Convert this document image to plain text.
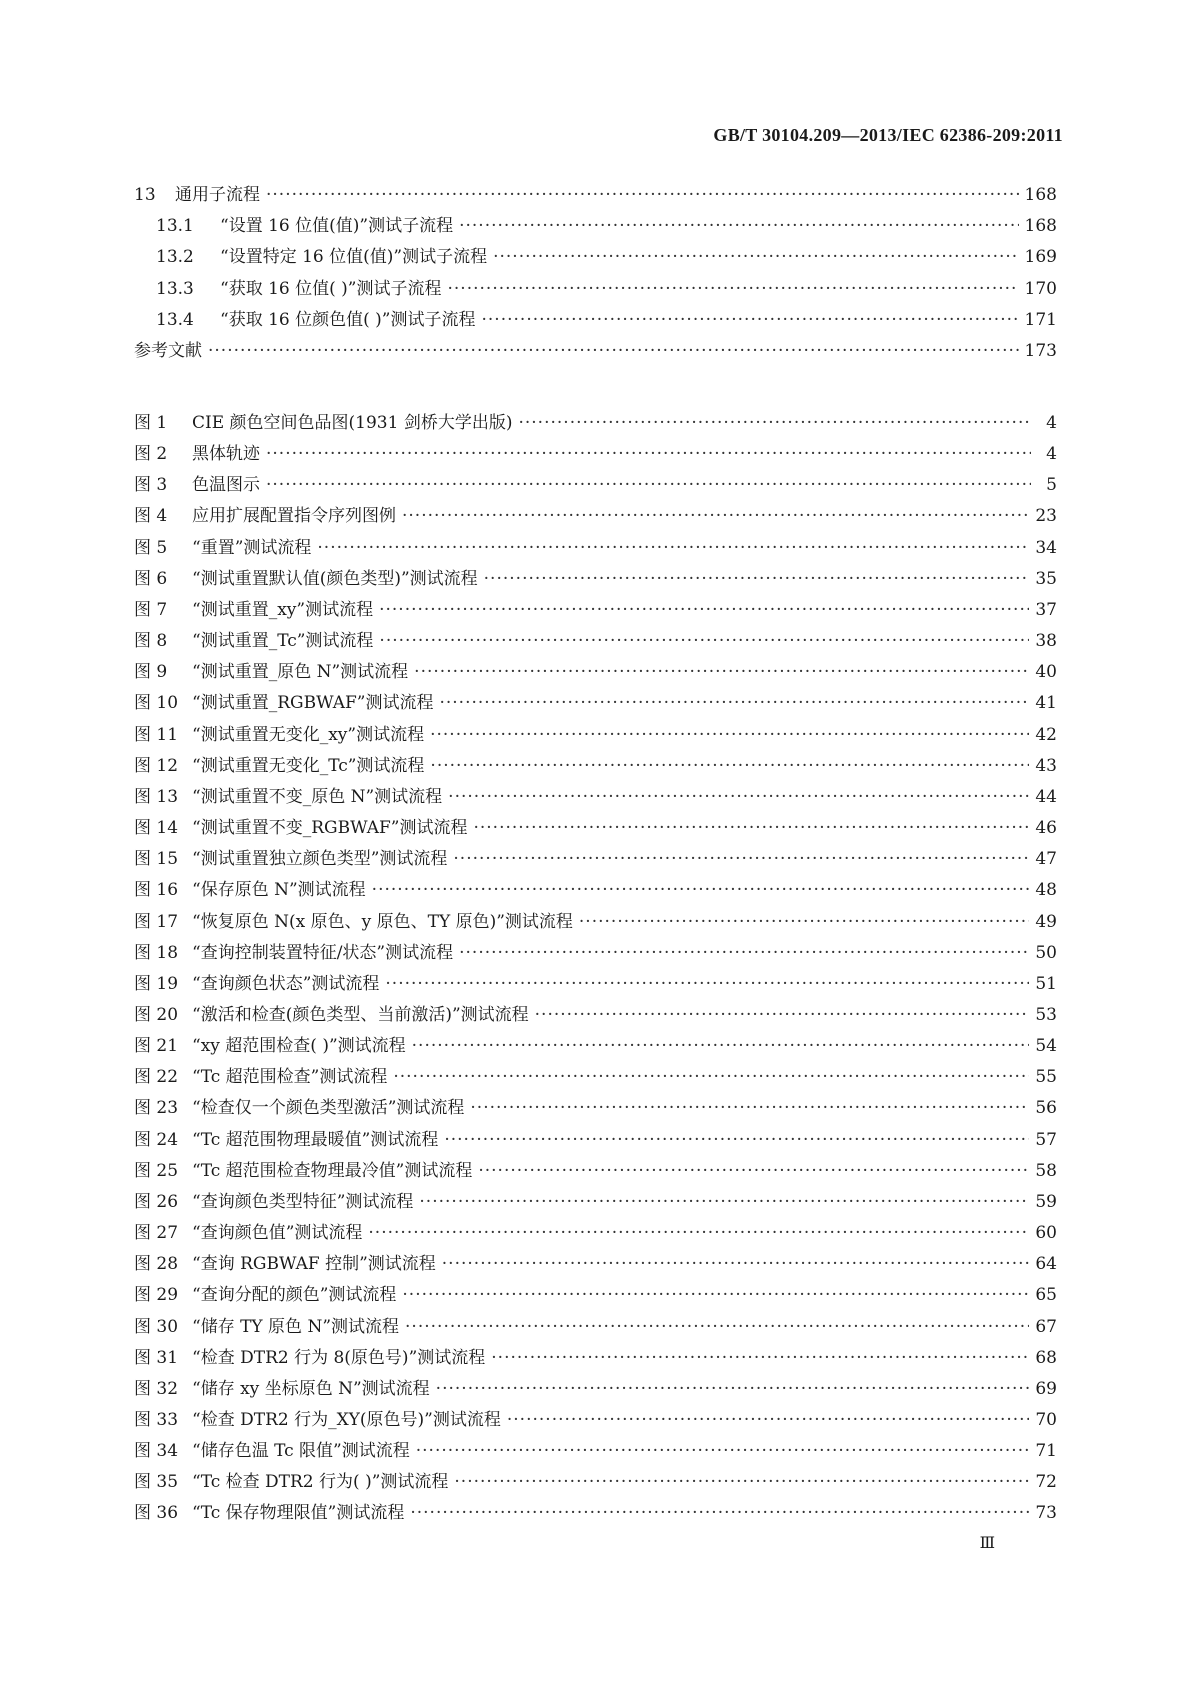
GB/T 30104.209—2013/IEC 62386-209:2011
13	通用子流程 ·····	168
13.1	“设置 16 位值(值)”测试子流程 ·····	168
13.2	“设置特定 16 位值(值)”测试子流程 ·····	169
13.3	“获取 16 位值( )”测试子流程 ·····	170
13.4	“获取 16 位颜色值( )”测试子流程 ·····	171
参考文献 ·····	173
图 1	CIE 颜色空间色品图(1931 剑桥大学出版) ·····	4
图 2	黑体轨迹 ·····	4
图 3	色温图示 ·····	5
图 4	应用扩展配置指令序列图例 ·····	23
图 5	“重置”测试流程 ·····	34
图 6	“测试重置默认值(颜色类型)”测试流程 ·····	35
图 7	“测试重置_xy”测试流程 ·····	37
图 8	“测试重置_Tc”测试流程 ·····	38
图 9	“测试重置_原色 N”测试流程 ·····	40
图 10 “测试重置_RGBWAF”测试流程 ·····	41
图 11 “测试重置无变化_xy”测试流程 ·····	42
图 12 “测试重置无变化_Tc”测试流程 ·····	43
图 13 “测试重置不变_原色 N”测试流程 ·····	44
图 14 “测试重置不变_RGBWAF”测试流程 ·····	46
图 15 “测试重置独立颜色类型”测试流程 ·····	47
图 16 “保存原色 N”测试流程 ·····	48
图 17 “恢复原色 N(x 原色、y 原色、TY 原色)”测试流程 ·····	49
图 18 “查询控制装置特征/状态”测试流程 ·····	50
图 19 “查询颜色状态”测试流程 ·····	51
图 20 “激活和检查(颜色类型、当前激活)”测试流程 ·····	53
图 21 “xy 超范围检查( )”测试流程 ·····	54
图 22 “Tc 超范围检查”测试流程 ·····	55
图 23 “检查仅一个颜色类型激活”测试流程 ·····	56
图 24 “Tc 超范围物理最暖值”测试流程 ·····	57
图 25 “Tc 超范围检查物理最冷值”测试流程 ·····	58
图 26 “查询颜色类型特征”测试流程 ·····	59
图 27 “查询颜色值”测试流程 ·····	60
图 28 “查询 RGBWAF 控制”测试流程 ·····	64
图 29 “查询分配的颜色”测试流程 ·····	65
图 30 “储存 TY 原色 N”测试流程 ·····	67
图 31 “检查 DTR2 行为 8(原色号)”测试流程 ·····	68
图 32 “储存 xy 坐标原色 N”测试流程 ·····	69
图 33 “检查 DTR2 行为_XY(原色号)”测试流程 ·····	70
图 34 “储存色温 Tc 限值”测试流程 ·····	71
图 35 “Tc 检查 DTR2 行为( )”测试流程 ·····	72
图 36 “Tc 保存物理限值”测试流程 ·····	73
Ⅲ
